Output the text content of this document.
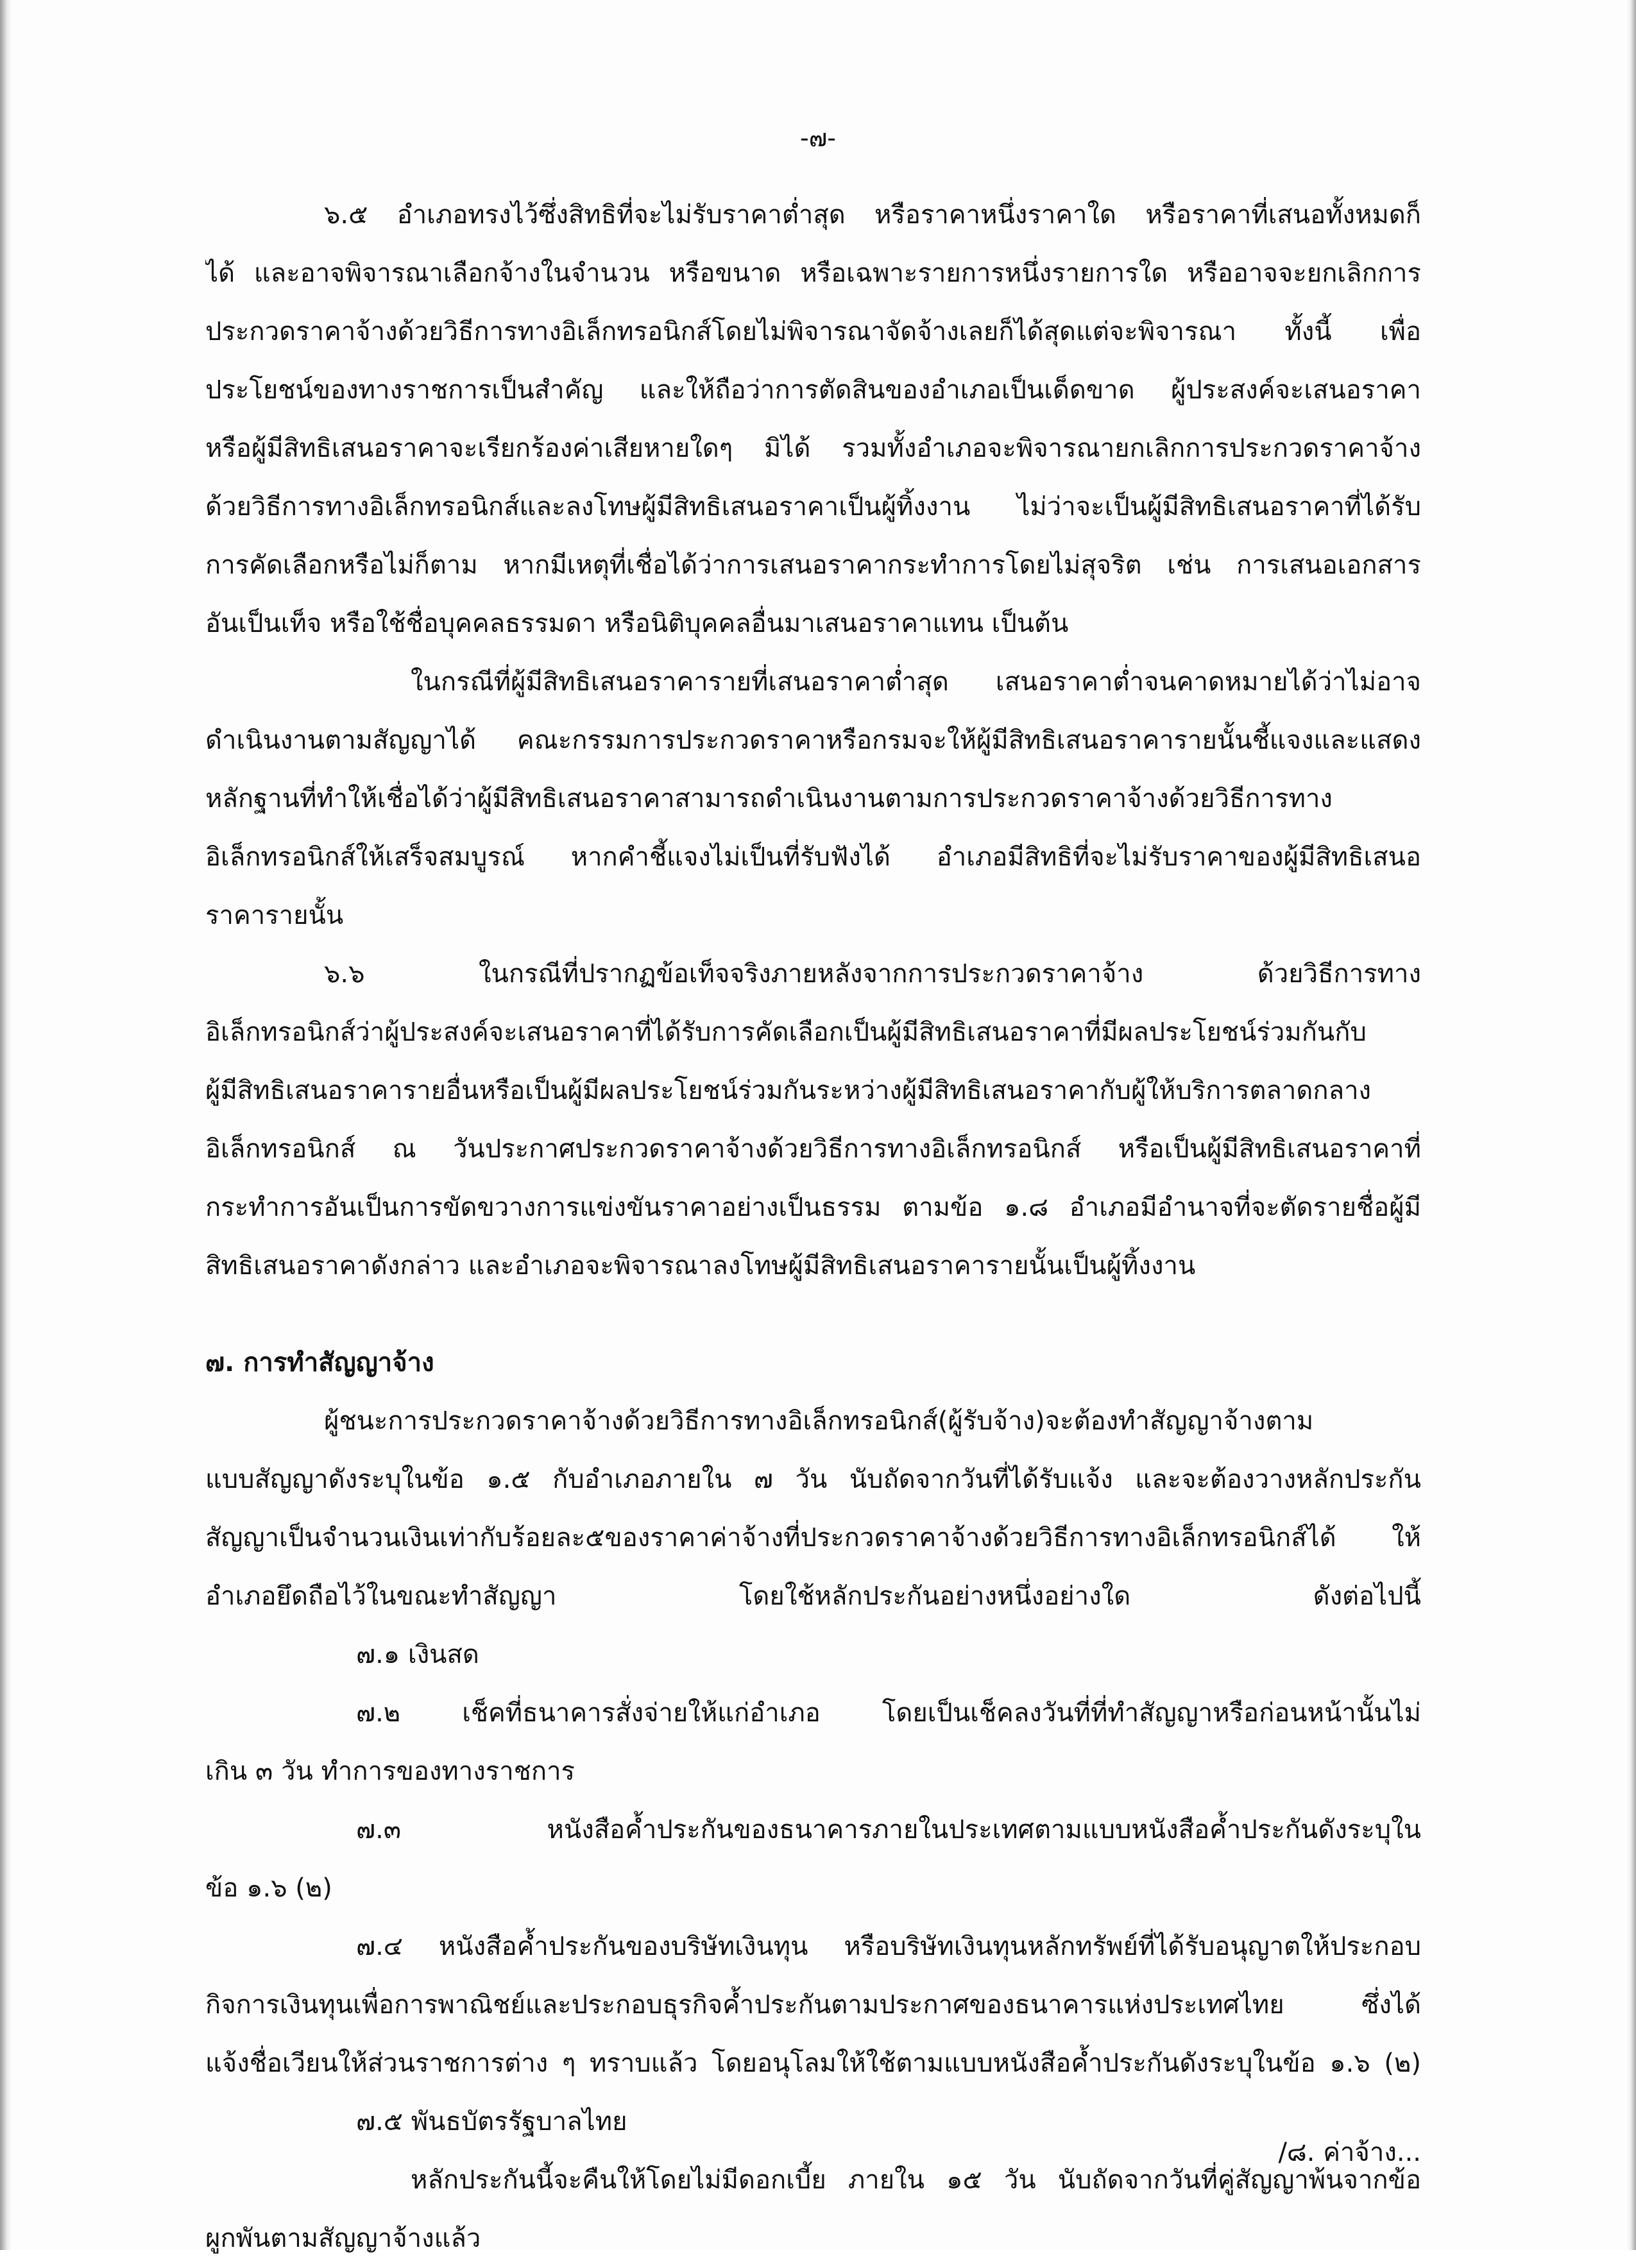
-๗-
๖.๕ อำเภอทรงไว้ซึ่งสิทธิที่จะไม่รับราคาต่ำสุด หรือราคาหนึ่งราคาใด หรือราคาที่เสนอทั้งหมดก็
ได้ และอาจพิจารณาเลือกจ้างในจำนวน หรือขนาด หรือเฉพาะรายการหนึ่งรายการใด หรืออาจจะยกเลิกการ
ประกวดราคาจ้างด้วยวิธีการทางอิเล็กทรอนิกส์โดยไม่พิจารณาจัดจ้างเลยก็ได้สุดแต่จะพิจารณา ทั้งนี้ เพื่อ
ประโยชน์ของทางราชการเป็นสำคัญ และให้ถือว่าการตัดสินของอำเภอเป็นเด็ดขาด ผู้ประสงค์จะเสนอราคา
หรือผู้มีสิทธิเสนอราคาจะเรียกร้องค่าเสียหายใดๆ มิได้ รวมทั้งอำเภอจะพิจารณายกเลิกการประกวดราคาจ้าง
ด้วยวิธีการทางอิเล็กทรอนิกส์และลงโทษผู้มีสิทธิเสนอราคาเป็นผู้ทิ้งงาน ไม่ว่าจะเป็นผู้มีสิทธิเสนอราคาที่ได้รับ
การคัดเลือกหรือไม่ก็ตาม หากมีเหตุที่เชื่อได้ว่าการเสนอราคากระทำการโดยไม่สุจริต เช่น การเสนอเอกสาร
อันเป็นเท็จ หรือใช้ชื่อบุคคลธรรมดา หรือนิติบุคคลอื่นมาเสนอราคาแทน เป็นต้น
ในกรณีที่ผู้มีสิทธิเสนอราคารายที่เสนอราคาต่ำสุด เสนอราคาต่ำจนคาดหมายได้ว่าไม่อาจ
ดำเนินงานตามสัญญาได้ คณะกรรมการประกวดราคาหรือกรมจะให้ผู้มีสิทธิเสนอราคารายนั้นชี้แจงและแสดง
หลักฐานที่ทำให้เชื่อได้ว่าผู้มีสิทธิเสนอราคาสามารถดำเนินงานตามการประกวดราคาจ้างด้วยวิธีการทาง
อิเล็กทรอนิกส์ให้เสร็จสมบูรณ์ หากคำชี้แจงไม่เป็นที่รับฟังได้ อำเภอมีสิทธิที่จะไม่รับราคาของผู้มีสิทธิเสนอ
ราคารายนั้น
๖.๖ ในกรณีที่ปรากฏข้อเท็จจริงภายหลังจากการประกวดราคาจ้าง ด้วยวิธีการทาง
อิเล็กทรอนิกส์ว่าผู้ประสงค์จะเสนอราคาที่ได้รับการคัดเลือกเป็นผู้มีสิทธิเสนอราคาที่มีผลประโยชน์ร่วมกันกับ
ผู้มีสิทธิเสนอราคารายอื่นหรือเป็นผู้มีผลประโยชน์ร่วมกันระหว่างผู้มีสิทธิเสนอราคากับผู้ให้บริการตลาดกลาง
อิเล็กทรอนิกส์ ณ วันประกาศประกวดราคาจ้างด้วยวิธีการทางอิเล็กทรอนิกส์ หรือเป็นผู้มีสิทธิเสนอราคาที่
กระทำการอันเป็นการขัดขวางการแข่งขันราคาอย่างเป็นธรรม ตามข้อ ๑.๘ อำเภอมีอำนาจที่จะตัดรายชื่อผู้มี
สิทธิเสนอราคาดังกล่าว และอำเภอจะพิจารณาลงโทษผู้มีสิทธิเสนอราคารายนั้นเป็นผู้ทิ้งงาน
๗. การทำสัญญาจ้าง
ผู้ชนะการประกวดราคาจ้างด้วยวิธีการทางอิเล็กทรอนิกส์(ผู้รับจ้าง)จะต้องทำสัญญาจ้างตาม
แบบสัญญาดังระบุในข้อ ๑.๕ กับอำเภอภายใน ๗ วัน นับถัดจากวันที่ได้รับแจ้ง และจะต้องวางหลักประกัน
สัญญาเป็นจำนวนเงินเท่ากับร้อยละ๕ของราคาค่าจ้างที่ประกวดราคาจ้างด้วยวิธีการทางอิเล็กทรอนิกส์ได้ ให้
อำเภอยึดถือไว้ในขณะทำสัญญา โดยใช้หลักประกันอย่างหนึ่งอย่างใด ดังต่อไปนี้
๗.๑ เงินสด
๗.๒ เช็คที่ธนาคารสั่งจ่ายให้แก่อำเภอ โดยเป็นเช็คลงวันที่ที่ทำสัญญาหรือก่อนหน้านั้นไม่
เกิน ๓ วัน ทำการของทางราชการ
๗.๓ หนังสือค้ำประกันของธนาคารภายในประเทศตามแบบหนังสือค้ำประกันดังระบุใน
ข้อ ๑.๖ (๒)
๗.๔ หนังสือค้ำประกันของบริษัทเงินทุน หรือบริษัทเงินทุนหลักทรัพย์ที่ได้รับอนุญาตให้ประกอบ
กิจการเงินทุนเพื่อการพาณิชย์และประกอบธุรกิจค้ำประกันตามประกาศของธนาคารแห่งประเทศไทย ซึ่งได้
แจ้งชื่อเวียนให้ส่วนราชการต่าง ๆ ทราบแล้ว โดยอนุโลมให้ใช้ตามแบบหนังสือค้ำประกันดังระบุในข้อ ๑.๖ (๒)
๗.๕ พันธบัตรรัฐบาลไทย
หลักประกันนี้จะคืนให้โดยไม่มีดอกเบี้ย ภายใน ๑๕ วัน นับถัดจากวันที่คู่สัญญาพ้นจากข้อ
ผูกพันตามสัญญาจ้างแล้ว
/๘. ค่าจ้าง...
